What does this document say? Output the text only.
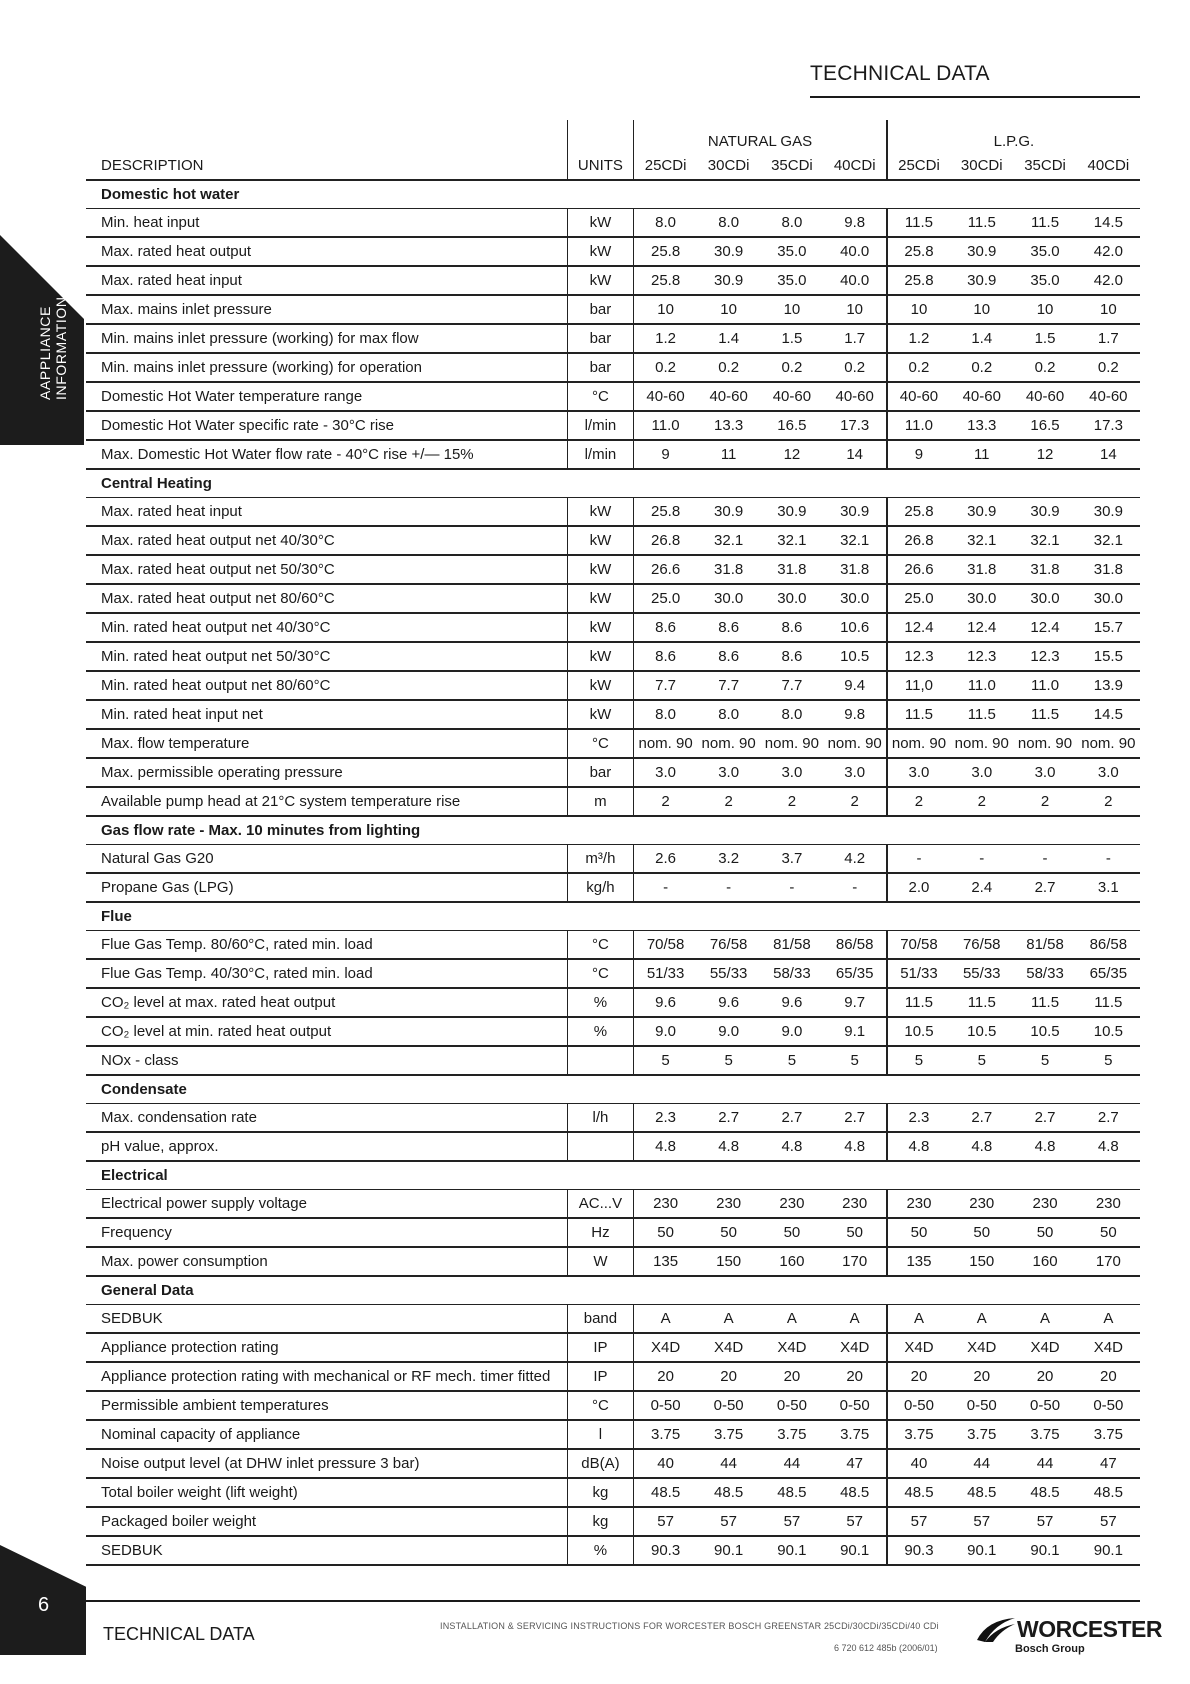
TECHNICAL DATA
AAPPLIANCE INFORMATION
		NATURAL GAS				L.P.G.			
DESCRIPTION	UNITS	25CDi	30CDi	35CDi	40CDi	25CDi	30CDi	35CDi	40CDi
Domestic hot water									
Min. heat input	kW	8.0	8.0	8.0	9.8	11.5	11.5	11.5	14.5
Max. rated heat output	kW	25.8	30.9	35.0	40.0	25.8	30.9	35.0	42.0
Max. rated heat input	kW	25.8	30.9	35.0	40.0	25.8	30.9	35.0	42.0
Max. mains inlet pressure	bar	10	10	10	10	10	10	10	10
Min. mains inlet pressure (working) for max flow	bar	1.2	1.4	1.5	1.7	1.2	1.4	1.5	1.7
Min. mains inlet pressure (working) for operation	bar	0.2	0.2	0.2	0.2	0.2	0.2	0.2	0.2
Domestic Hot Water temperature range	°C	40-60	40-60	40-60	40-60	40-60	40-60	40-60	40-60
Domestic Hot Water specific rate - 30°C rise	l/min	11.0	13.3	16.5	17.3	11.0	13.3	16.5	17.3
Max. Domestic Hot Water flow rate - 40°C rise +/— 15%	l/min	9	11	12	14	9	11	12	14
Central Heating									
Max. rated heat input	kW	25.8	30.9	30.9	30.9	25.8	30.9	30.9	30.9
Max. rated heat output net 40/30°C	kW	26.8	32.1	32.1	32.1	26.8	32.1	32.1	32.1
Max. rated heat output net 50/30°C	kW	26.6	31.8	31.8	31.8	26.6	31.8	31.8	31.8
Max. rated heat output net 80/60°C	kW	25.0	30.0	30.0	30.0	25.0	30.0	30.0	30.0
Min. rated heat output net 40/30°C	kW	8.6	8.6	8.6	10.6	12.4	12.4	12.4	15.7
Min. rated heat output net 50/30°C	kW	8.6	8.6	8.6	10.5	12.3	12.3	12.3	15.5
Min. rated heat output net 80/60°C	kW	7.7	7.7	7.7	9.4	11,0	11.0	11.0	13.9
Min. rated heat input net	kW	8.0	8.0	8.0	9.8	11.5	11.5	11.5	14.5
Max. flow temperature	°C	nom. 90	nom. 90	nom. 90	nom. 90	nom. 90	nom. 90	nom. 90	nom. 90
Max. permissible operating pressure	bar	3.0	3.0	3.0	3.0	3.0	3.0	3.0	3.0
Available pump head at 21°C system temperature rise	m	2	2	2	2	2	2	2	2
Gas flow rate - Max. 10 minutes from lighting									
Natural Gas G20	m³/h	2.6	3.2	3.7	4.2	-	-	-	-
Propane Gas (LPG)	kg/h	-	-	-	-	2.0	2.4	2.7	3.1
Flue									
Flue Gas Temp. 80/60°C, rated min. load	°C	70/58	76/58	81/58	86/58	70/58	76/58	81/58	86/58
Flue Gas Temp. 40/30°C, rated min. load	°C	51/33	55/33	58/33	65/35	51/33	55/33	58/33	65/35
CO₂ level at max. rated heat output	%	9.6	9.6	9.6	9.7	11.5	11.5	11.5	11.5
CO₂ level at min. rated heat output	%	9.0	9.0	9.0	9.1	10.5	10.5	10.5	10.5
NOx - class		5	5	5	5	5	5	5	5
Condensate									
Max. condensation rate	l/h	2.3	2.7	2.7	2.7	2.3	2.7	2.7	2.7
pH value, approx.		4.8	4.8	4.8	4.8	4.8	4.8	4.8	4.8
Electrical									
Electrical power supply voltage	AC...V	230	230	230	230	230	230	230	230
Frequency	Hz	50	50	50	50	50	50	50	50
Max. power consumption	W	135	150	160	170	135	150	160	170
General Data									
SEDBUK	band	A	A	A	A	A	A	A	A
Appliance protection rating	IP	X4D	X4D	X4D	X4D	X4D	X4D	X4D	X4D
Appliance protection rating with mechanical or RF mech. timer fitted	IP	20	20	20	20	20	20	20	20
Permissible ambient temperatures	°C	0-50	0-50	0-50	0-50	0-50	0-50	0-50	0-50
Nominal capacity of appliance	l	3.75	3.75	3.75	3.75	3.75	3.75	3.75	3.75
Noise output level (at DHW inlet pressure 3 bar)	dB(A)	40	44	44	47	40	44	44	47
Total boiler weight (lift weight)	kg	48.5	48.5	48.5	48.5	48.5	48.5	48.5	48.5
Packaged boiler weight	kg	57	57	57	57	57	57	57	57
SEDBUK	%	90.3	90.1	90.1	90.1	90.3	90.1	90.1	90.1
6
TECHNICAL DATA	INSTALLATION & SERVICING INSTRUCTIONS FOR WORCESTER BOSCH GREENSTAR 25CDi/30CDi/35CDi/40 CDi
6 720 612 485b (2006/01)
WORCESTER
Bosch Group
